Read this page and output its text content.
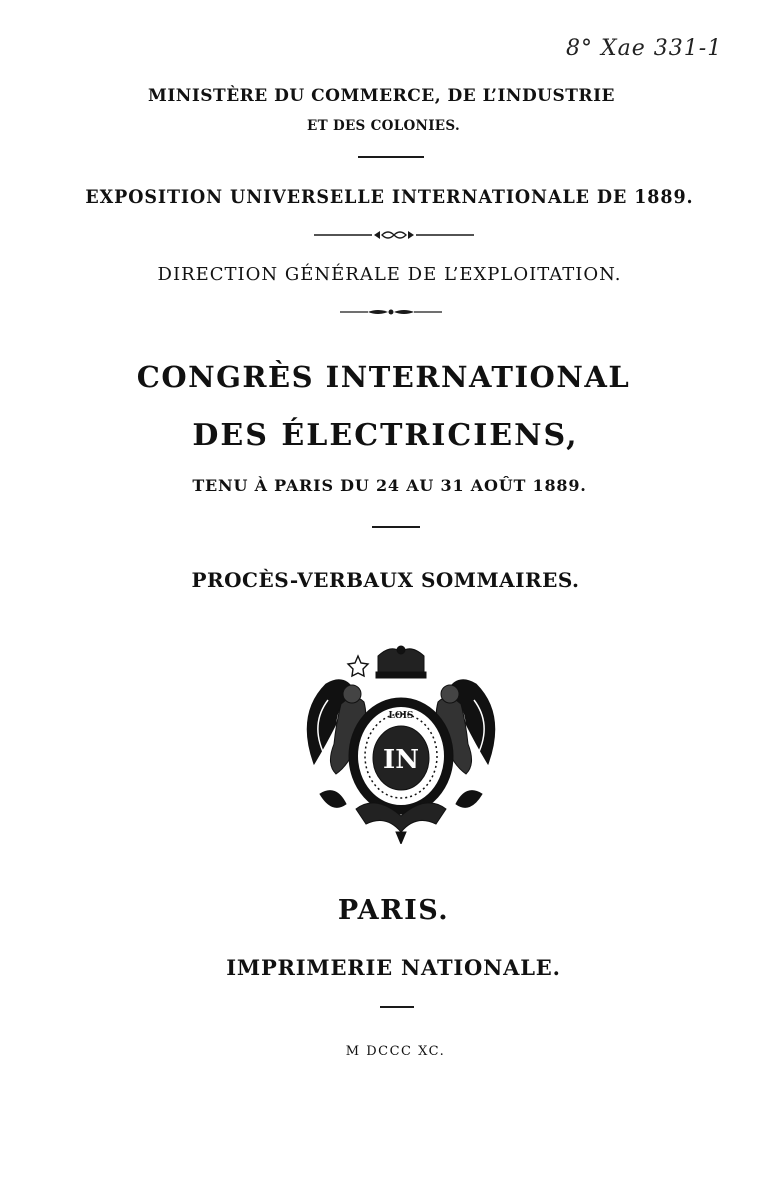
8° Xae 331-1
MINISTÈRE DU COMMERCE, DE L’INDUSTRIE
ET DES COLONIES.
EXPOSITION UNIVERSELLE INTERNATIONALE DE 1889.
DIRECTION GÉNÉRALE DE L’EXPLOITATION.
CONGRÈS INTERNATIONAL
DES ÉLECTRICIENS,
TENU À PARIS DU 24 AU 31 AOÛT 1889.
PROCÈS-VERBAUX SOMMAIRES.
IN
LOIS
PARIS.
IMPRIMERIE NATIONALE.
M DCCC XC.
